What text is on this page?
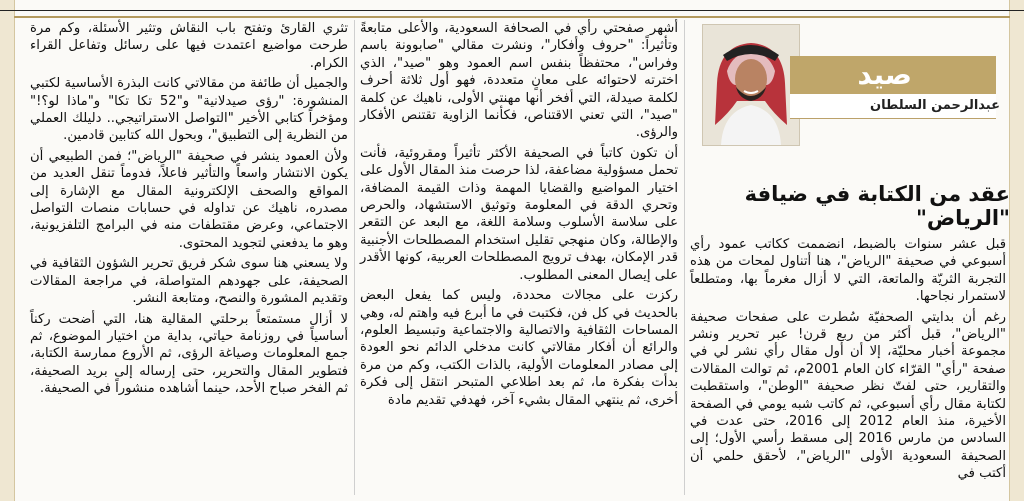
صيد
عبدالرحمن السلطان
عقد من الكتابة في ضيافة "الرياض"

قبل عشر سنوات بالضبط، انضممت ككاتب عمود رأي أسبوعي في صحيفة "الرياض"، هنا أتناول لمحات من هذه التجربة الثريّة والماتعة، التي لا أزال مغرماً بها، ومتطلعاً لاستمرار نجاحها.

رغم أن بدايتي الصحفيّة سُطرت على صفحات صحيفة "الرياض"، قبل أكثر من ربع قرن! عبر تحرير ونشر مجموعة أخبار محليّة، إلا أن أول مقال رأي نشر لي في صفحة "رأي" القرّاء كان العام 2001م، ثم توالت المقالات والتقارير، حتى لفتّ نظر صحيفة "الوطن"، واستقطبت لكتابة مقال رأي أسبوعي، ثم كاتب شبه يومي في الصفحة الأخيرة، منذ العام 2012 إلى 2016، حتى عدت في السادس من مارس 2016 إلى مسقط رأسي الأول؛ إلى الصحيفة السعودية الأولى "الرياض"، لأحقق حلمي أن أكتب في

أشهر صفحتي رأي في الصحافة السعودية، والأعلى متابعةً وتأثيراً: "حروف وأفكار"، ونشرت مقالي "صابوونة باسم وفراس"، محتفظاً بنفس اسم العمود وهو "صيد"، الذي اخترته لاحتوائه على معانٍ متعددة، فهو أول ثلاثة أحرف لكلمة صيدلة، التي أفخر أنها مهنتي الأولى، ناهيك عن كلمة "صيد"، التي تعني الاقتناص، فكأنما الزاوية تقتنص الأفكار والرؤى.

أن تكون كاتباً في الصحيفة الأكثر تأثيراً ومقروئية، فأنت تحمل مسؤولية مضاعفة، لذا حرصت منذ المقال الأول على اختيار المواضيع والقضايا المهمة وذات القيمة المضافة، وتحري الدقة في المعلومة وتوثيق الاستشهاد، والحرص على سلاسة الأسلوب وسلامة اللغة، مع البعد عن التقعر والإطالة، وكان منهجي تقليل استخدام المصطلحات الأجنبية قدر الإمكان، بهدف ترويج المصطلحات العربية، كونها الأقدر على إيصال المعنى المطلوب.

ركزت على مجالات محددة، وليس كما يفعل البعض بالحديث في كل فن، فكتبت في ما أبرع فيه واهتم له، وهي المساحات الثقافية والاتصالية والاجتماعية وتبسيط العلوم، والرائع أن أفكار مقالاتي كانت مدخلي الدائم نحو العودة إلى مصادر المعلومات الأولية، بالذات الكتب، وكم من مرة بدأت بفكرة ما، ثم بعد اطلاعي المتبحر انتقل إلى فكرة أخرى، ثم ينتهي المقال بشيء آخر، فهدفي تقديم مادة

تثري القارئ وتفتح باب النقاش وتثير الأسئلة، وكم مرة طرحت مواضيع اعتمدت فيها على رسائل وتفاعل القراء الكرام.

والجميل أن طائفة من مقالاتي كانت البذرة الأساسية لكتبي المنشورة: "رؤى صيدلانية" و"52 تكا تكا" و"ماذا لو؟!" ومؤخراً كتابي الأخير "التواصل الاستراتيجي.. دليلك العملي من النظرية إلى التطبيق"، وبحول الله كتابين قادمين.

ولأن العمود ينشر في صحيفة "الرياض"؛ فمن الطبيعي أن يكون الانتشار واسعاً والتأثير فاعلاً، فدوماً تنقل العديد من المواقع والصحف الإلكترونية المقال مع الإشارة إلى مصدره، ناهيك عن تداوله في حسابات منصات التواصل الاجتماعي، وعرض مقتطفات منه في البرامج التلفزيونية، وهو ما يدفعني لتجويد المحتوى.

ولا يسعني هنا سوى شكر فريق تحرير الشؤون الثقافية في الصحيفة، على جهودهم المتواصلة، في مراجعة المقالات وتقديم المشورة والنصح، ومتابعة النشر.

لا أزال مستمتعاً برحلتي المقالية هنا، التي أضحت ركناً أساسياً في روزنامة حياتي، بداية من اختيار الموضوع، ثم جمع المعلومات وصياغة الرؤى، ثم الأروع ممارسة الكتابة، فتطوير المقال والتحرير، حتى إرساله إلى بريد الصحيفة، ثم الفخر صباح الأحد، حينما أشاهده منشوراً في الصحيفة.
